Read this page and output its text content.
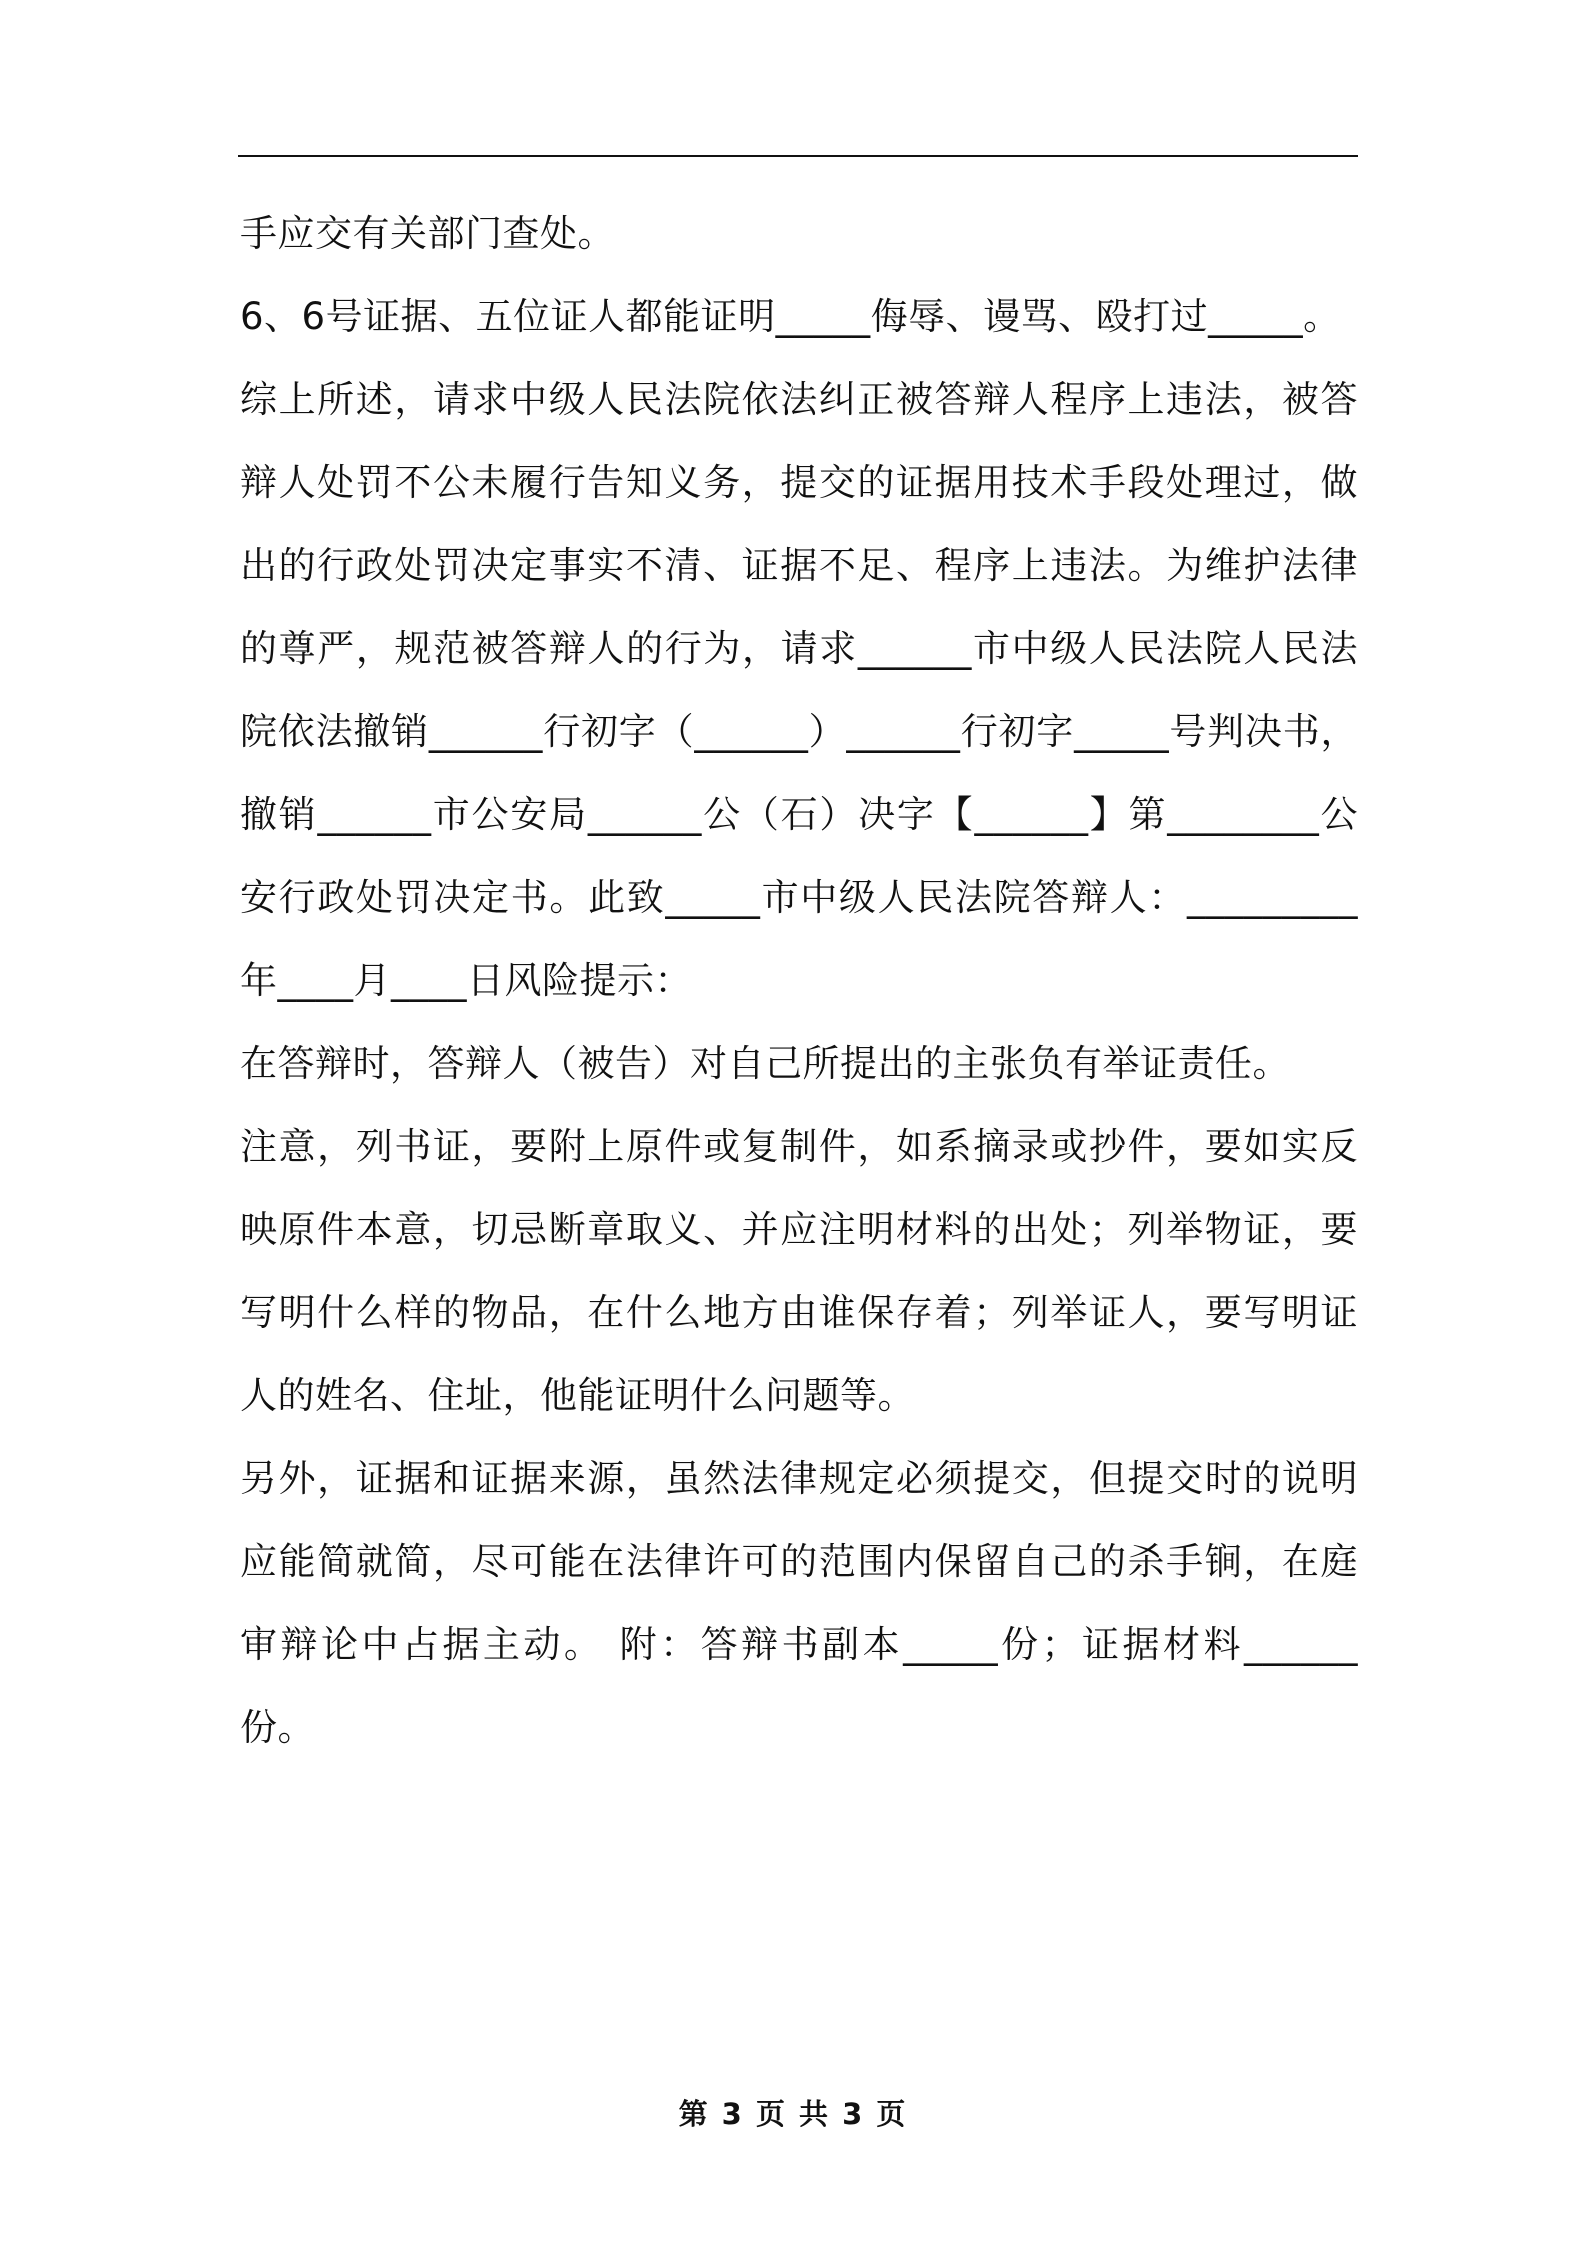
手应交有关部门查处。

6、6号证据、五位证人都能证明_____侮辱、谩骂、殴打过_____。

综上所述，请求中级人民法院依法纠正被答辩人程序上违法，被答辩人处罚不公未履行告知义务，提交的证据用技术手段处理过，做出的行政处罚决定事实不清、证据不足、程序上违法。为维护法律的尊严，规范被答辩人的行为，请求______市中级人民法院人民法院依法撤销______行初字（______）______行初字_____号判决书，撤销______市公安局______公（石）决字【______】第________公安行政处罚决定书。此致_____市中级人民法院答辩人：_________年____月____日风险提示：

在答辩时，答辩人（被告）对自己所提出的主张负有举证责任。

注意，列书证，要附上原件或复制件，如系摘录或抄件，要如实反映原件本意，切忌断章取义、并应注明材料的出处；列举物证，要写明什么样的物品，在什么地方由谁保存着；列举证人，要写明证人的姓名、住址，他能证明什么问题等。

另外，证据和证据来源，虽然法律规定必须提交，但提交时的说明应能简就简，尽可能在法律许可的范围内保留自己的杀手锏，在庭审辩论中占据主动。 附：答辩书副本_____份；证据材料______份。

第 3 页 共 3 页
